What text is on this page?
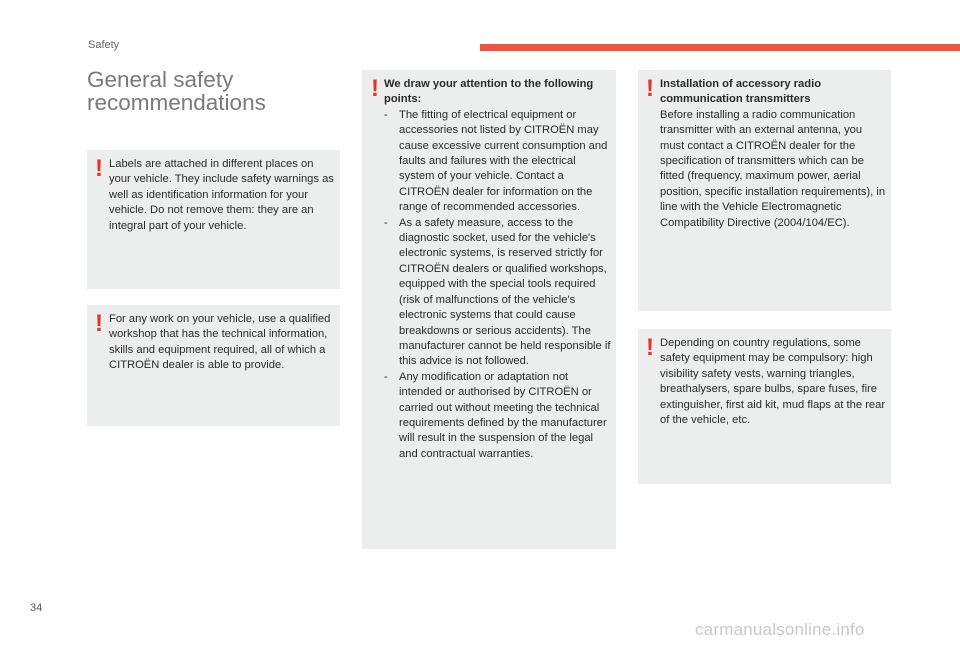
Safety
General safety
recommendations
! Labels are attached in different places on your vehicle. They include safety warnings as well as identification information for your vehicle. Do not remove them: they are an integral part of your vehicle.
! For any work on your vehicle, use a qualified workshop that has the technical information, skills and equipment required, all of which a CITROËN dealer is able to provide.
! We draw your attention to the following points:
- The fitting of electrical equipment or accessories not listed by CITROËN may cause excessive current consumption and faults and failures with the electrical system of your vehicle. Contact a CITROËN dealer for information on the range of recommended accessories.
- As a safety measure, access to the diagnostic socket, used for the vehicle's electronic systems, is reserved strictly for CITROËN dealers or qualified workshops, equipped with the special tools required (risk of malfunctions of the vehicle's electronic systems that could cause breakdowns or serious accidents). The manufacturer cannot be held responsible if this advice is not followed.
- Any modification or adaptation not intended or authorised by CITROËN or carried out without meeting the technical requirements defined by the manufacturer will result in the suspension of the legal and contractual warranties.
! Installation of accessory radio communication transmitters
Before installing a radio communication transmitter with an external antenna, you must contact a CITROËN dealer for the specification of transmitters which can be fitted (frequency, maximum power, aerial position, specific installation requirements), in line with the Vehicle Electromagnetic Compatibility Directive (2004/104/EC).
! Depending on country regulations, some safety equipment may be compulsory: high visibility safety vests, warning triangles, breathalysers, spare bulbs, spare fuses, fire extinguisher, first aid kit, mud flaps at the rear of the vehicle, etc.
34
carmanualsonline.info
